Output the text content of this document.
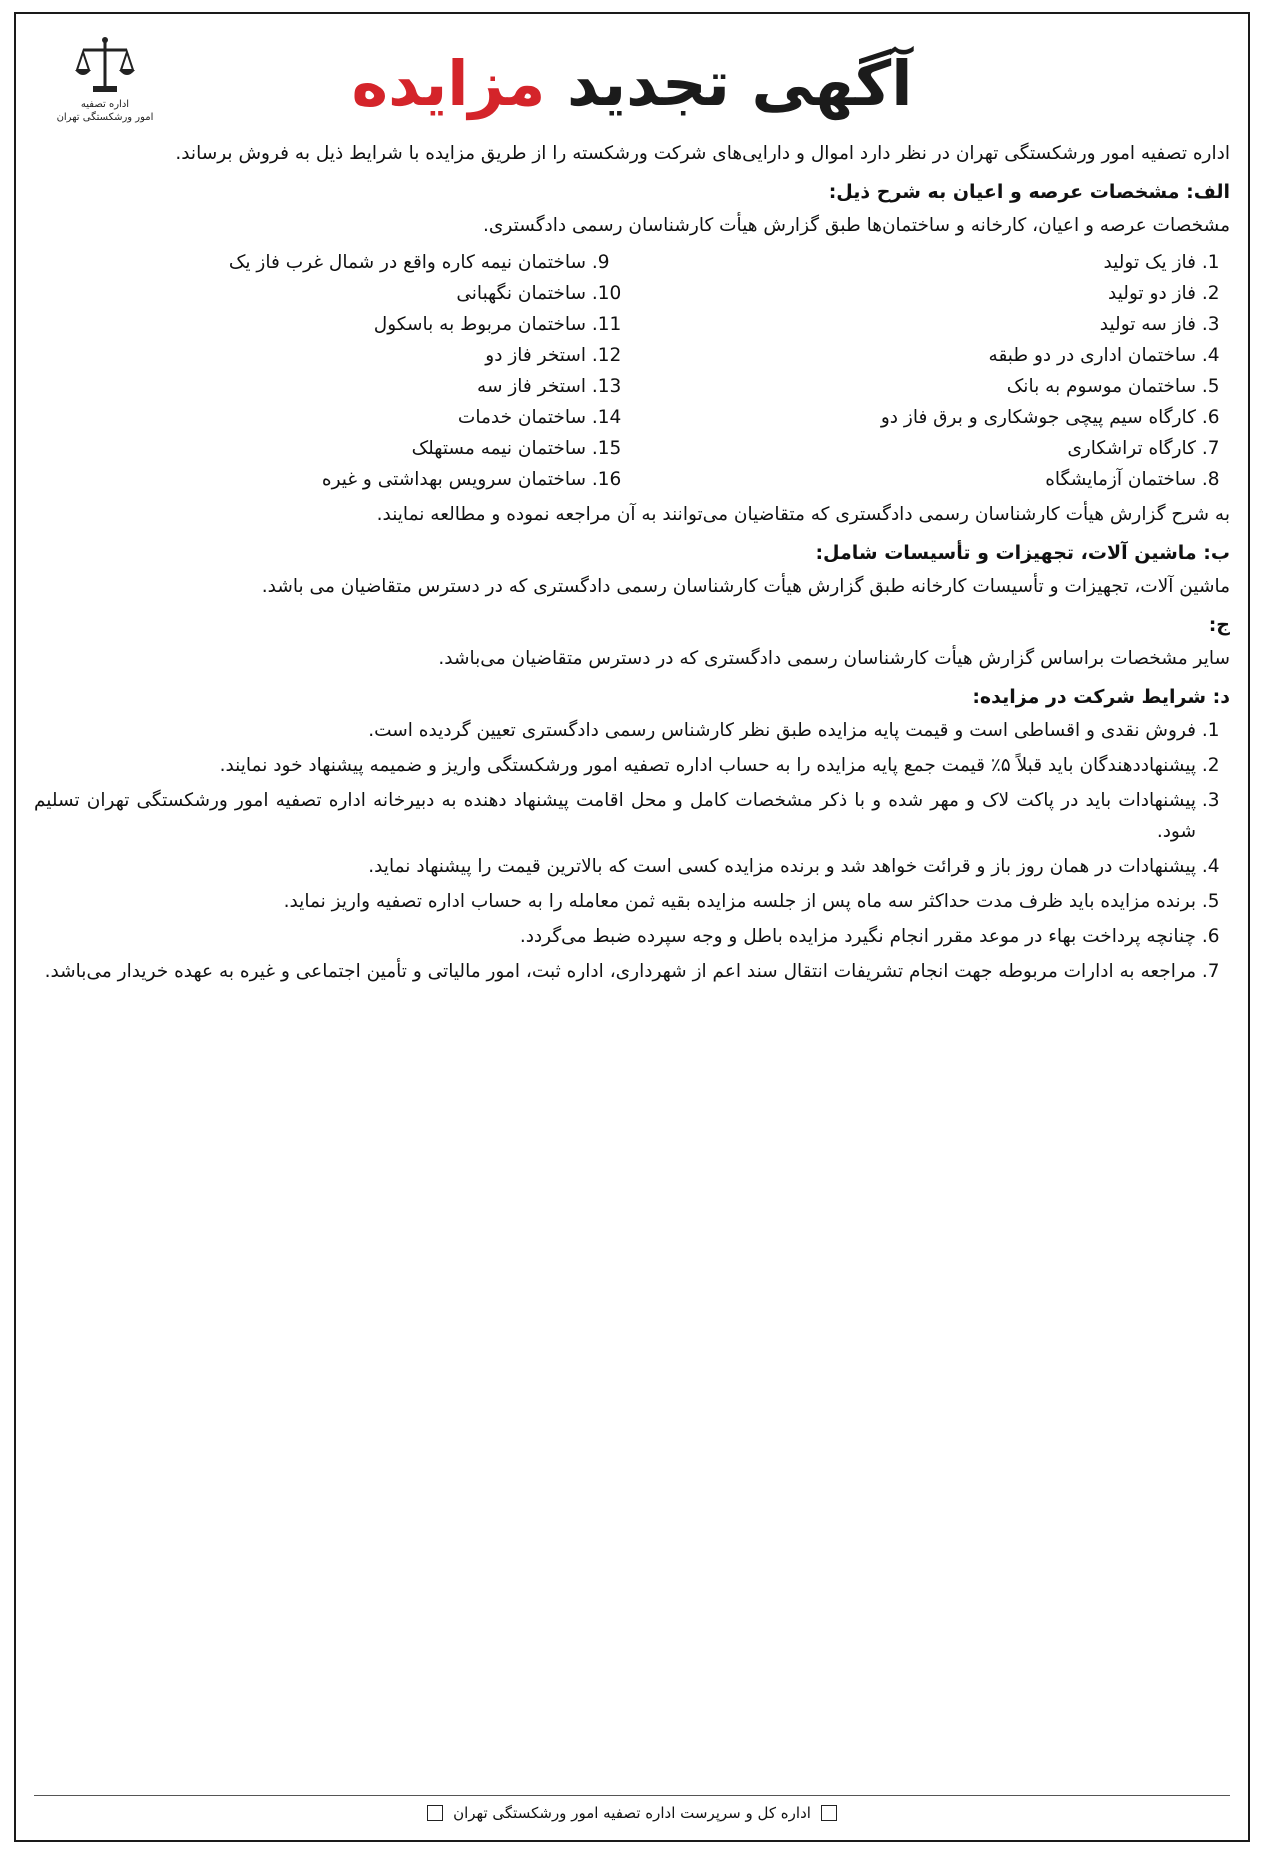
آگهی تجدید مزایده
اداره تصفیه
امور ورشکستگی تهران

اداره تصفیه امور ورشکستگی تهران در نظر دارد اموال و دارایی‌های شرکت ورشکسته را از طریق مزایده با شرایط ذیل به فروش برساند.

الف: مشخصات عرصه و اعیان به شرح ذیل:

مشخصات عرصه و اعیان، کارخانه و ساختمان‌ها طبق گزارش هیأت کارشناسان رسمی دادگستری.

1. فاز یک تولید
2. فاز دو تولید
3. فاز سه تولید
4. ساختمان اداری در دو طبقه
5. ساختمان موسوم به بانک
6. کارگاه سیم پیچی جوشکاری و برق فاز دو
7. کارگاه تراشکاری
8. ساختمان آزمایشگاه
9. ساختمان نیمه کاره واقع در شمال غرب فاز یک
10. ساختمان نگهبانی
11. ساختمان مربوط به باسکول
12. استخر فاز دو
13. استخر فاز سه
14. ساختمان خدمات
15. ساختمان نیمه مستهلک
16. ساختمان سرویس بهداشتی و غیره

به شرح گزارش هیأت کارشناسان رسمی دادگستری که متقاضیان می‌توانند به آن مراجعه نموده و مطالعه نمایند.

ب: ماشین آلات، تجهیزات و تأسیسات شامل:

ماشین آلات، تجهیزات و تأسیسات کارخانه طبق گزارش هیأت کارشناسان رسمی دادگستری که در دسترس متقاضیان می باشد.

ج:

سایر مشخصات براساس گزارش هیأت کارشناسان رسمی دادگستری که در دسترس متقاضیان می‌باشد.

د: شرایط شرکت در مزایده:
1. فروش نقدی و اقساطی است و قیمت پایه مزایده طبق نظر کارشناس رسمی دادگستری تعیین گردیده است.
2. پیشنهاددهندگان باید قبلاً ۵٪ قیمت جمع پایه مزایده را به حساب اداره تصفیه امور ورشکستگی واریز و ضمیمه پیشنهاد خود نمایند.
3. پیشنهادات باید در پاکت لاک و مهر شده و با ذکر مشخصات کامل و محل اقامت پیشنهاد دهنده به دبیرخانه اداره تصفیه امور ورشکستگی تهران تسلیم شود.
4. پیشنهادات در همان روز باز و قرائت خواهد شد و برنده مزایده کسی است که بالاترین قیمت را پیشنهاد نماید.
5. برنده مزایده باید ظرف مدت حداکثر سه ماه پس از جلسه مزایده بقیه ثمن معامله را به حساب اداره تصفیه واریز نماید.
6. چنانچه پرداخت بهاء در موعد مقرر انجام نگیرد مزایده باطل و وجه سپرده ضبط می‌گردد.
7. مراجعه به ادارات مربوطه جهت انجام تشریفات انتقال سند اعم از شهرداری، اداره ثبت، امور مالیاتی و تأمین اجتماعی و غیره به عهده خریدار می‌باشد.
اداره کل و سرپرست اداره تصفیه امور ورشکستگی تهران
